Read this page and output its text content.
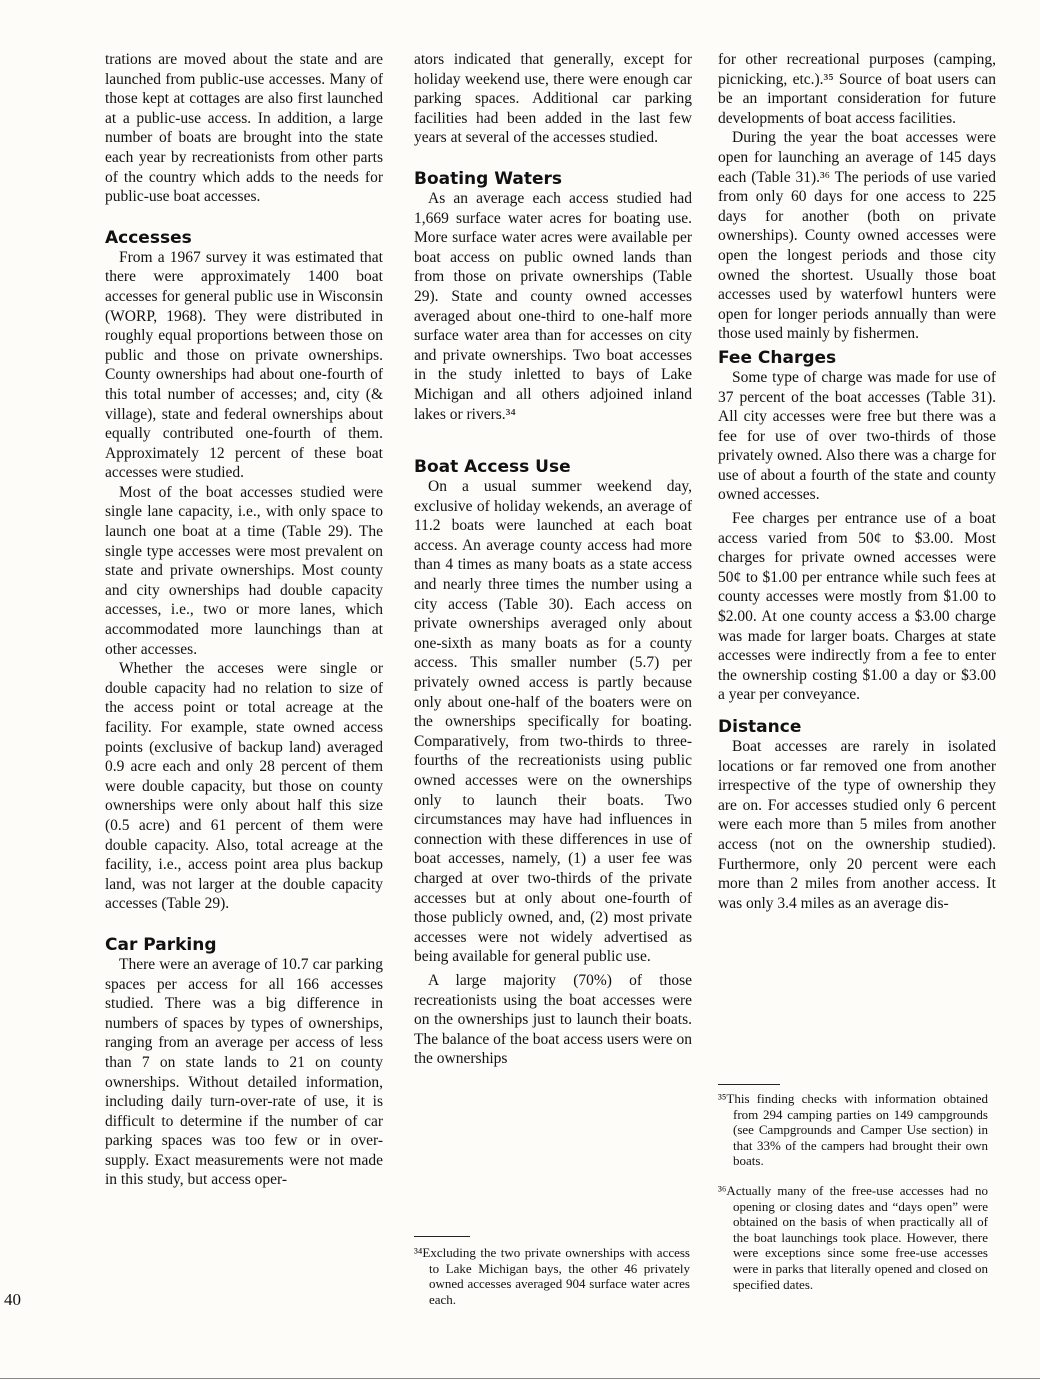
trations are moved about the state and are launched from public-use accesses. Many of those kept at cottages are also first launched at a public-use access. In addition, a large number of boats are brought into the state each year by recreationists from other parts of the country which adds to the needs for public-use boat accesses.

Accesses

From a 1967 survey it was estimated that there were approximately 1400 boat accesses for general public use in Wisconsin (WORP, 1968). They were distributed in roughly equal proportions between those on public and those on private ownerships. County ownerships had about one-fourth of this total number of accesses; and, city (& village), state and federal ownerships about equally contributed one-fourth of them. Approximately 12 percent of these boat accesses were studied.

Most of the boat accesses studied were single lane capacity, i.e., with only space to launch one boat at a time (Table 29). The single type accesses were most prevalent on state and private ownerships. Most county and city ownerships had double capacity accesses, i.e., two or more lanes, which accommodated more launchings than at other accesses.

Whether the acceses were single or double capacity had no relation to size of the access point or total acreage at the facility. For example, state owned access points (exclusive of backup land) averaged 0.9 acre each and only 28 percent of them were double capacity, but those on county ownerships were only about half this size (0.5 acre) and 61 percent of them were double capacity. Also, total acreage at the facility, i.e., access point area plus backup land, was not larger at the double capacity accesses (Table 29).

Car Parking

There were an average of 10.7 car parking spaces per access for all 166 accesses studied. There was a big difference in numbers of spaces by types of ownerships, ranging from an average per access of less than 7 on state lands to 21 on county ownerships. Without detailed information, including daily turn-over-rate of use, it is difficult to determine if the number of car parking spaces was too few or in over-supply. Exact measurements were not made in this study, but access oper-

ators indicated that generally, except for holiday weekend use, there were enough car parking spaces. Additional car parking facilities had been added in the last few years at several of the accesses studied.

Boating Waters

As an average each access studied had 1,669 surface water acres for boating use. More surface water acres were available per boat access on public owned lands than from those on private ownerships (Table 29). State and county owned accesses averaged about one-third to one-half more surface water area than for accesses on city and private ownerships. Two boat accesses in the study inletted to bays of Lake Michigan and all others adjoined inland lakes or rivers.³⁴

Boat Access Use

On a usual summer weekend day, exclusive of holiday wekends, an average of 11.2 boats were launched at each boat access. An average county access had more than 4 times as many boats as a state access and nearly three times the number using a city access (Table 30). Each access on private ownerships averaged only about one-sixth as many boats as for a county access. This smaller number (5.7) per privately owned access is partly because only about one-half of the boaters were on the ownerships specifically for boating. Comparatively, from two-thirds to three-fourths of the recreationists using public owned accesses were on the ownerships only to launch their boats. Two circumstances may have had influences in connection with these differences in use of boat accesses, namely, (1) a user fee was charged at over two-thirds of the private accesses but at only about one-fourth of those publicly owned, and, (2) most private accesses were not widely advertised as being available for general public use.

A large majority (70%) of those recreationists using the boat accesses were on the ownerships just to launch their boats. The balance of the boat access users were on the ownerships

³⁴Excluding the two private ownerships with access to Lake Michigan bays, the other 46 privately owned accesses averaged 904 surface water acres each.

for other recreational purposes (camping, picnicking, etc.).³⁵ Source of boat users can be an important consideration for future developments of boat access facilities.

During the year the boat accesses were open for launching an average of 145 days each (Table 31).³⁶ The periods of use varied from only 60 days for one access to 225 days for another (both on private ownerships). County owned accesses were open the longest periods and those city owned the shortest. Usually those boat accesses used by waterfowl hunters were open for longer periods annually than were those used mainly by fishermen.

Fee Charges

Some type of charge was made for use of 37 percent of the boat accesses (Table 31). All city accesses were free but there was a fee for use of over two-thirds of those privately owned. Also there was a charge for use of about a fourth of the state and county owned accesses.

Fee charges per entrance use of a boat access varied from 50¢ to $3.00. Most charges for private owned accesses were 50¢ to $1.00 per entrance while such fees at county accesses were mostly from $1.00 to $2.00. At one county access a $3.00 charge was made for larger boats. Charges at state accesses were indirectly from a fee to enter the ownership costing $1.00 a day or $3.00 a year per conveyance.

Distance

Boat accesses are rarely in isolated locations or far removed one from another irrespective of the type of ownership they are on. For accesses studied only 6 percent were each more than 5 miles from another access (not on the ownership studied). Furthermore, only 20 percent were each more than 2 miles from another access. It was only 3.4 miles as an average dis-

³⁵This finding checks with information obtained from 294 camping parties on 149 campgrounds (see Campgrounds and Camper Use section) in that 33% of the campers had brought their own boats.
³⁶Actually many of the free-use accesses had no opening or closing dates and “days open” were obtained on the basis of when practically all of the boat launchings took place. However, there were exceptions since some free-use accesses were in parks that literally opened and closed on specified dates.
40
